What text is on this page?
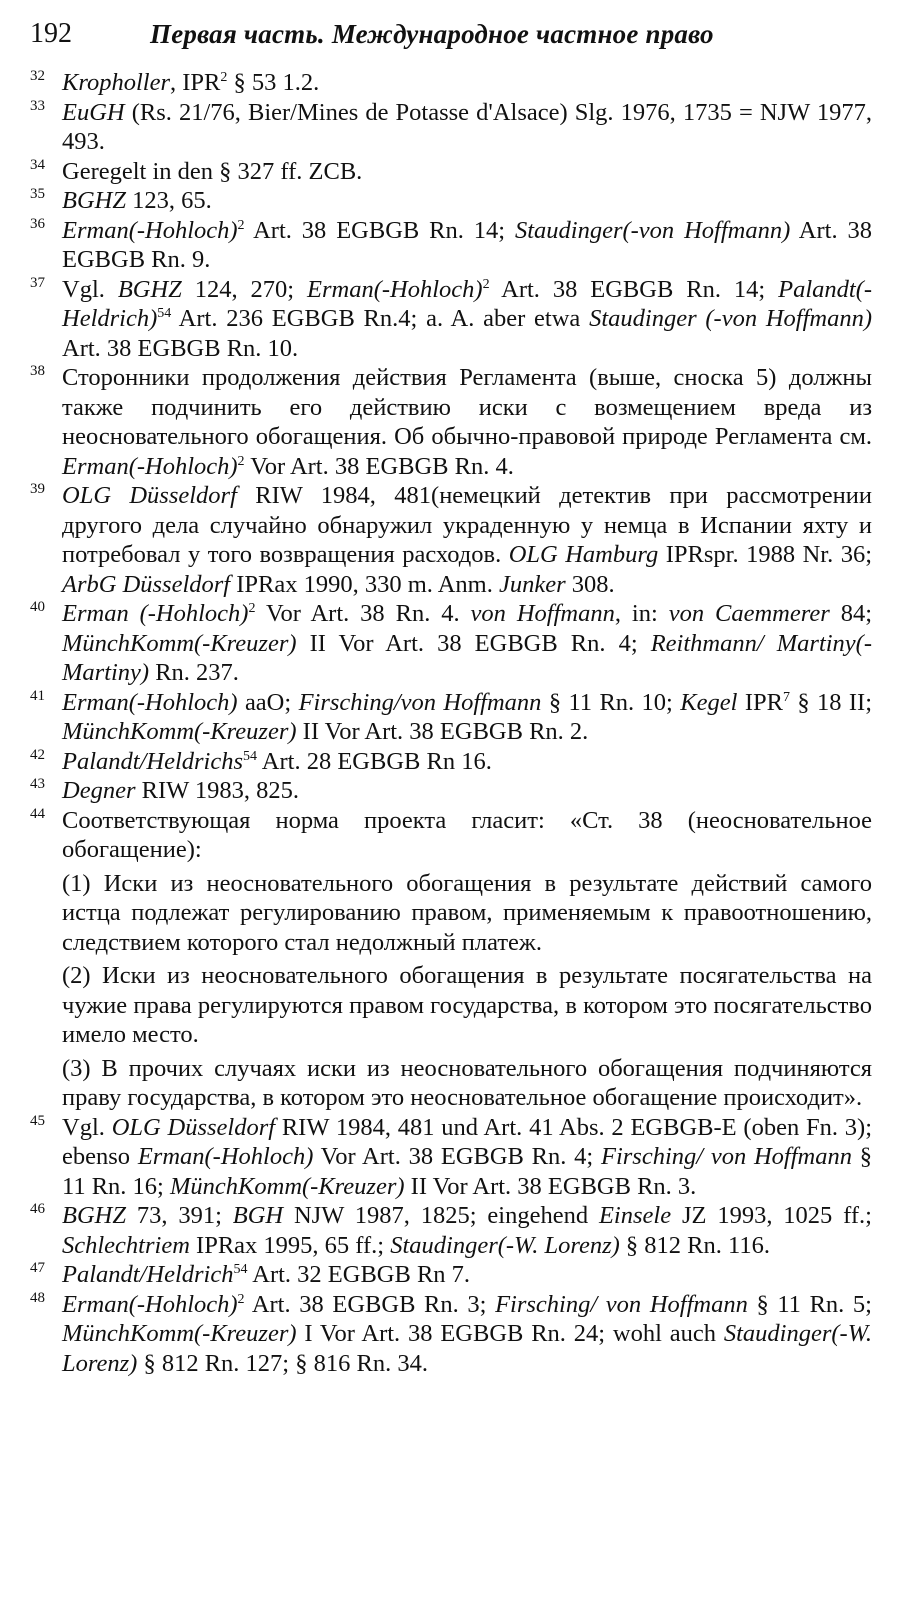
192	Первая часть. Международное частное право
32 Kropholler, IPR$^2$ § 53 1.2.

33 EuGH (Rs. 21/76, Bier/Mines de Potasse d'Alsace) Slg. 1976, 1735 = NJW 1977, 493.

34 Geregelt in den § 327 ff. ZCB.

35 BGHZ 123, 65.

36 Erman(-Hohloch)$^2$ Art. 38 EGBGB Rn. 14; Staudinger(-von Hoffmann) Art. 38 EGBGB Rn. 9.

37 Vgl. BGHZ 124, 270; Erman(-Hohloch)$^2$ Art. 38 EGBGB Rn. 14; Palandt(-Heldrich)$^{54}$ Art. 236 EGBGB Rn.4; a. A. aber etwa Staudinger (-von Hoffmann) Art. 38 EGBGB Rn. 10.

38 Сторонники продолжения действия Регламента (выше, сноска 5) должны также подчинить его действию иски с возмещением вреда из неосновательного обогащения. Об обычно-правовой природе Регламента см. Erman(-Hohloch)$^2$ Vor Art. 38 EGBGB Rn. 4.

39 OLG Düsseldorf RIW 1984, 481(немецкий детектив при рассмотрении другого дела случайно обнаружил украденную у немца в Испании яхту и потребовал у того возвращения расходов. OLG Hamburg IPRspr. 1988 Nr. 36; ArbG Düsseldorf IPRax 1990, 330 m. Anm. Junker 308.

40 Erman (-Hohloch)$^2$ Vor Art. 38 Rn. 4. von Hoffmann, in: von Caemmerer 84; MünchKomm(-Kreuzer) II Vor Art. 38 EGBGB Rn. 4; Reithmann/ Martiny(-Martiny) Rn. 237.

41 Erman(-Hohloch) aaO; Firsching/von Hoffmann § 11 Rn. 10; Kegel IPR$^7$ § 18 II; MünchKomm(-Kreuzer) II Vor Art. 38 EGBGB Rn. 2.

42 Palandt/Heldrichs$^{54}$ Art. 28 EGBGB Rn 16.

43 Degner RIW 1983, 825.

44 Соответствующая норма проекта гласит: «Ст. 38 (неосновательное обогащение):

(1) Иски из неосновательного обогащения в результате действий самого истца подлежат регулированию правом, применяемым к правоотношению, следствием которого стал недолжный платеж.

(2) Иски из неосновательного обогащения в результате посягательства на чужие права регулируются правом государства, в котором это посягательство имело место.

(3) В прочих случаях иски из неосновательного обогащения подчиняются праву государства, в котором это неосновательное обогащение происходит».

45 Vgl. OLG Düsseldorf RIW 1984, 481 und Art. 41 Abs. 2 EGBGB-E (oben Fn. 3); ebenso Erman(-Hohloch) Vor Art. 38 EGBGB Rn. 4; Firsching/ von Hoffmann § 11 Rn. 16; MünchKomm(-Kreuzer) II Vor Art. 38 EGBGB Rn. 3.

46 BGHZ 73, 391; BGH NJW 1987, 1825; eingehend Einsele JZ 1993, 1025 ff.; Schlechtriem IPRax 1995, 65 ff.; Staudinger(-W. Lorenz) § 812 Rn. 116.

47 Palandt/Heldrich$^{54}$ Art. 32 EGBGB Rn 7.

48 Erman(-Hohloch)$^2$ Art. 38 EGBGB Rn. 3; Firsching/ von Hoffmann § 11 Rn. 5; MünchKomm(-Kreuzer) I Vor Art. 38 EGBGB Rn. 24; wohl auch Staudinger(-W. Lorenz) § 812 Rn. 127; § 816 Rn. 34.
